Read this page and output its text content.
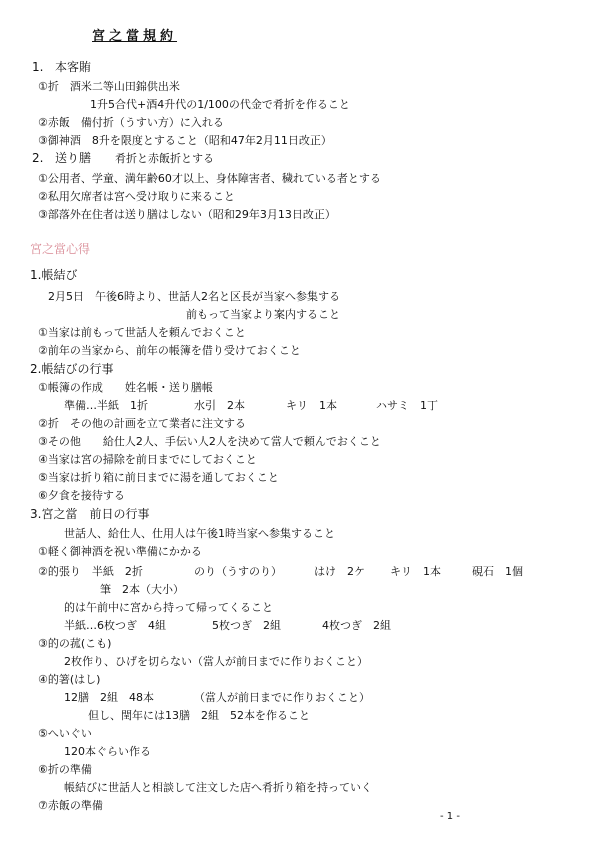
宮之當規約
1. 本客賄
①折　酒米二等山田錦供出米
1升5合代+酒4升代の1/100の代金で肴折を作ること
②赤飯　備付折（うすい方）に入れる
③御神酒　8升を限度とすること（昭和47年2月11日改正）
2. 送り膳 肴折と赤飯折とする
①公用者、学童、満年齢60才以上、身体障害者、穢れている者とする
②私用欠席者は宮へ受け取りに来ること
③部落外在住者は送り膳はしない（昭和29年3月13日改正）
宮之當心得
1.帳結び
2月5日　午後6時より、世話人2名と区長が当家へ参集する
前もって当家より案内すること
①当家は前もって世話人を頼んでおくこと
②前年の当家から、前年の帳簿を借り受けておくこと
2.帳結びの行事
①帳簿の作成　　姓名帳・送り膳帳
準備…半紙　1折	水引　2本	キリ　1本	ハサミ　1丁
②折　その他の計画を立て業者に注文する
③その他　　給仕人2人、手伝い人2人を決めて當人で頼んでおくこと
④当家は宮の掃除を前日までにしておくこと
⑤当家は折り箱に前日までに湯を通しておくこと
⑥夕食を接待する
3.宮之當　前日の行事
世話人、給仕人、仕用人は午後1時当家へ参集すること
①軽く御神酒を祝い準備にかかる
②的張り　半紙　2折	のり（うすのり）	はけ　2ケ キリ　1本	硯石　1個
筆　2本（大小）
的は午前中に宮から持って帰ってくること
半紙…6枚つぎ　4組	5枚つぎ　2組	4枚つぎ　2組
③的の菰(こも)
2枚作り、ひげを切らない（當人が前日までに作りおくこと）
④的箸(はし)
12膳　2組　48本	（當人が前日までに作りおくこと）
但し、閏年には13膳　2組　52本を作ること
⑤へいぐい
120本ぐらい作る
⑥折の準備
帳結びに世話人と相談して注文した店へ肴折り箱を持っていく
⑦赤飯の準備
- 1 -
